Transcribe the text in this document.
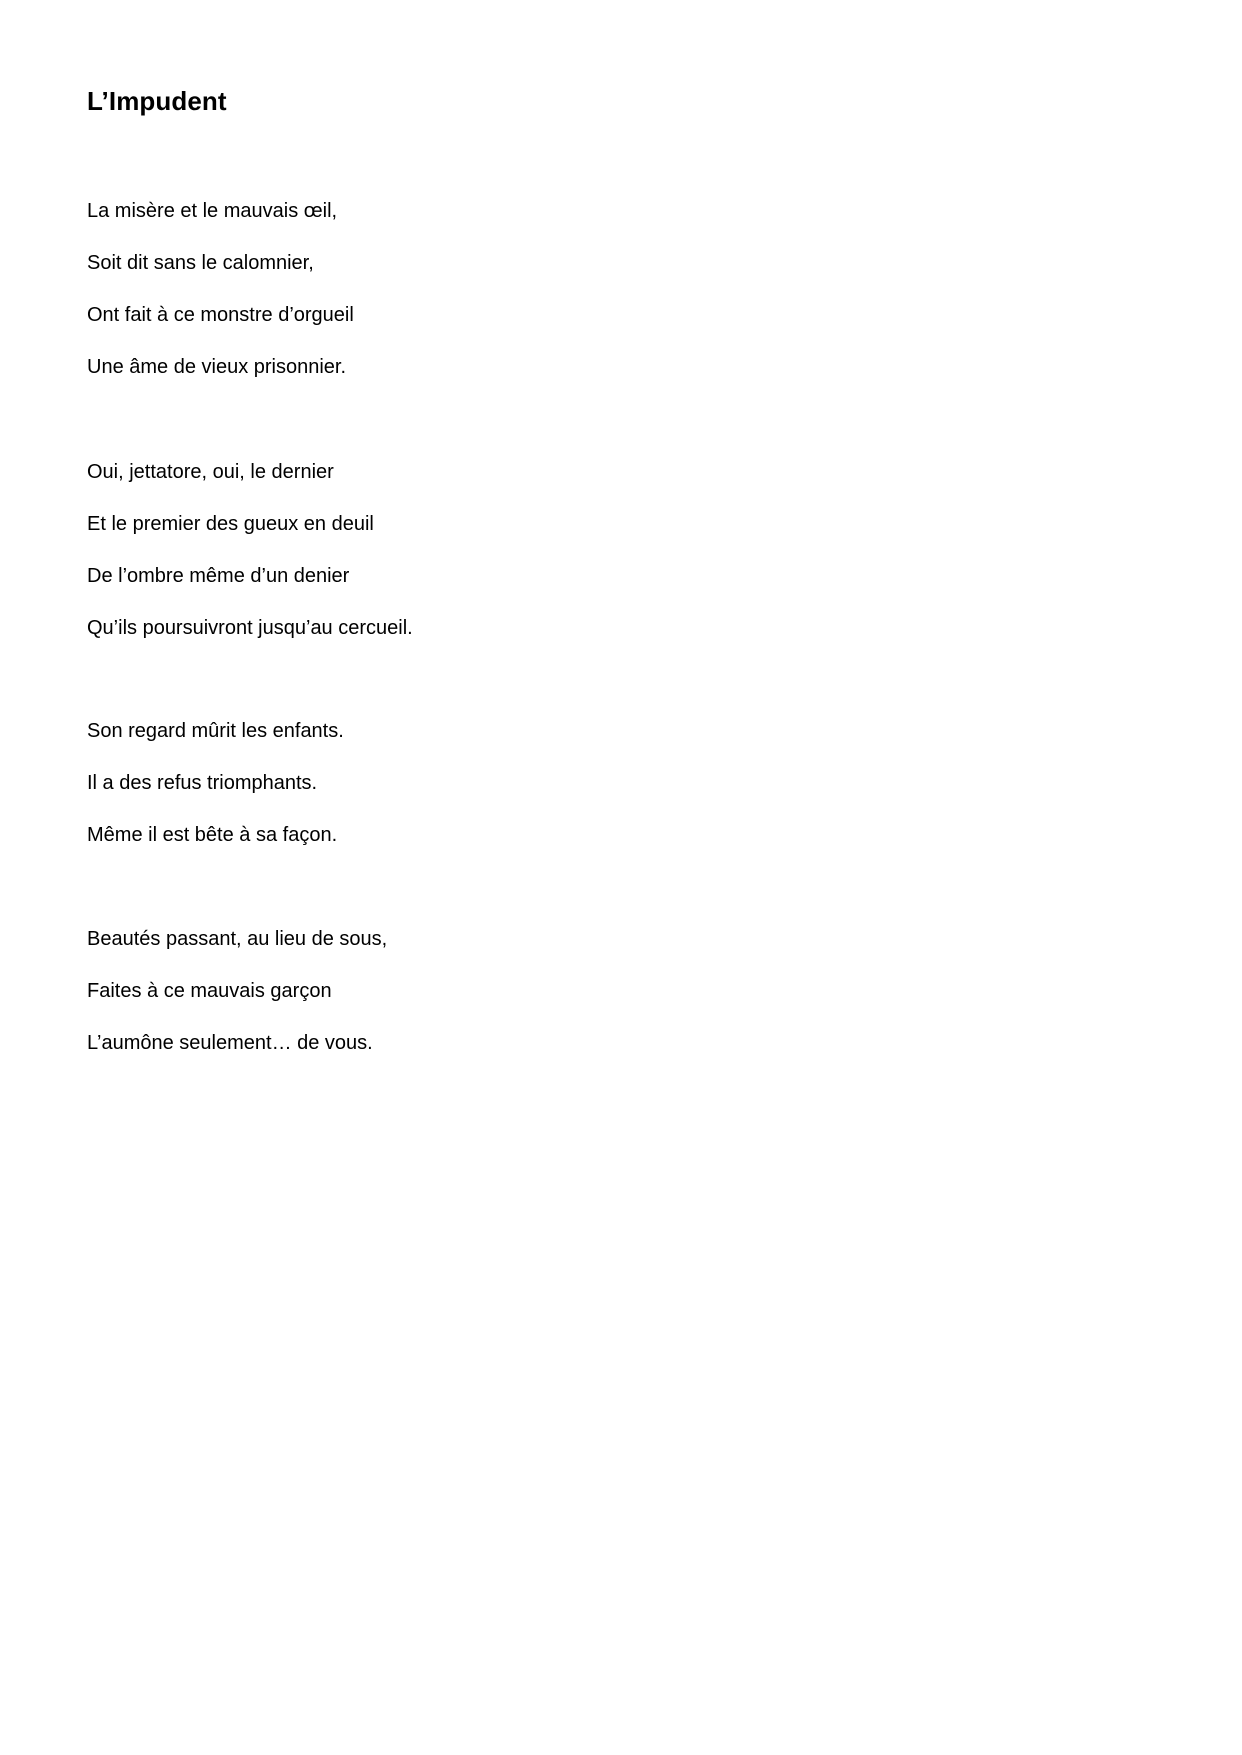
L’Impudent
La misère et le mauvais œil,
Soit dit sans le calomnier,
Ont fait à ce monstre d’orgueil
Une âme de vieux prisonnier.
Oui, jettatore, oui, le dernier
Et le premier des gueux en deuil
De l’ombre même d’un denier
Qu’ils poursuivront jusqu’au cercueil.
Son regard mûrit les enfants.
Il a des refus triomphants.
Même il est bête à sa façon.
Beautés passant, au lieu de sous,
Faites à ce mauvais garçon
L’aumône seulement… de vous.
